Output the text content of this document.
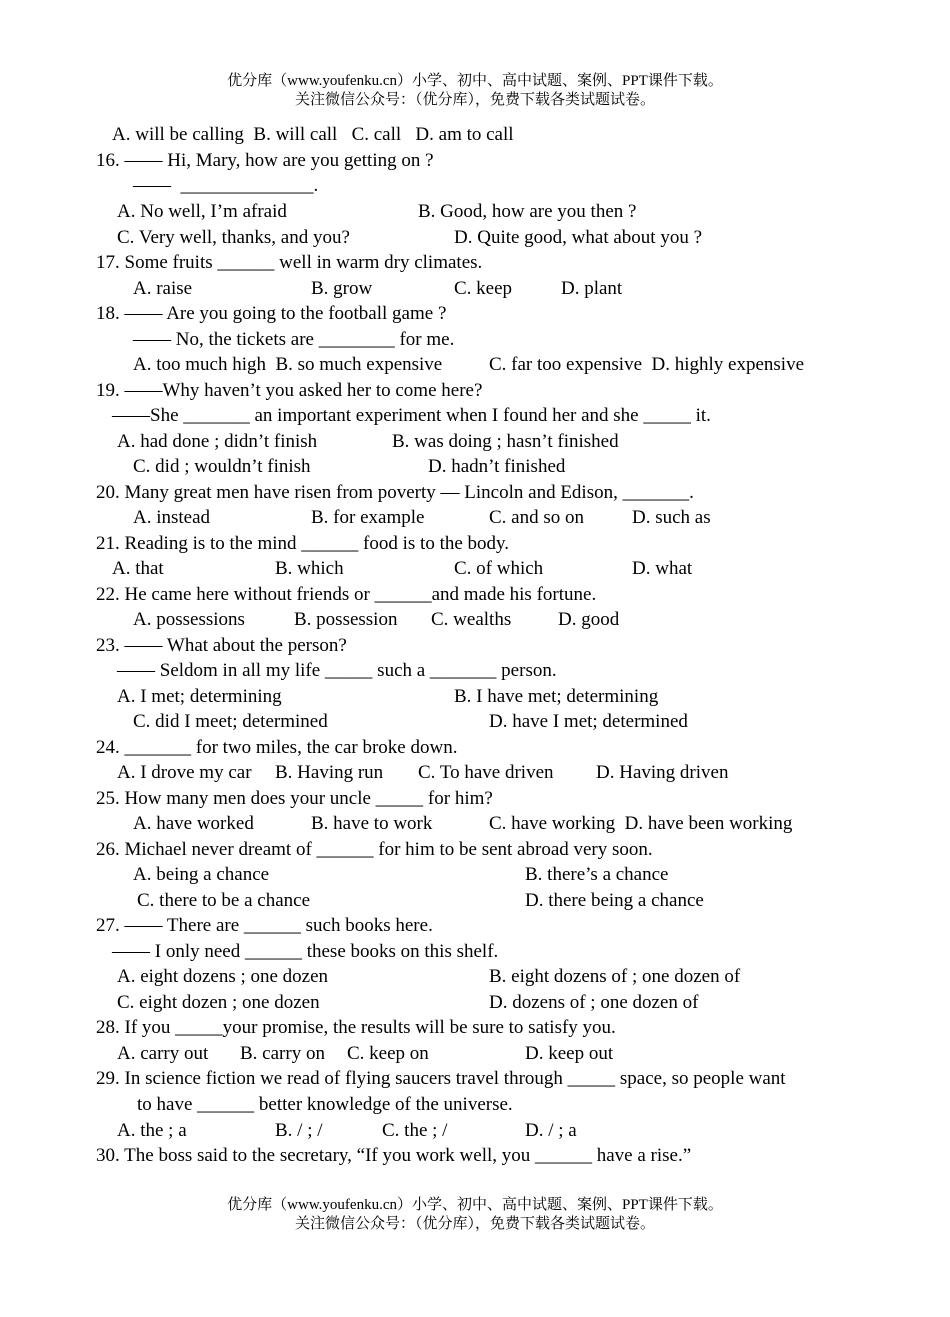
优分库（www.youfenku.cn）小学、初中、高中试题、案例、PPT课件下载。
关注微信公众号：（优分库），免费下载各类试题试卷。
A. will be calling  B. will call   C. call   D. am to call
16. —— Hi, Mary, how are you getting on ?
——  ______________.
A. No well, I’m afraid	B. Good, how are you then ?
C. Very well, thanks, and you?	D. Quite good, what about you ?
17. Some fruits ______ well in warm dry climates.
A. raise	B. grow	C. keep	D. plant
18. —— Are you going to the football game ?
—— No, the tickets are ________ for me.
A. too much high  B. so much expensive C. far too expensive  D. highly expensive
19. ——Why haven’t you asked her to come here?
——She _______ an important experiment when I found her and she _____ it.
A. had done ; didn’t finish	B. was doing ; hasn’t finished
C. did ; wouldn’t finish	D. hadn’t finished
20. Many great men have risen from poverty — Lincoln and Edison, _______.
A. instead	B. for example	C. and so on	D. such as
21. Reading is to the mind ______ food is to the body.
A. that	B. which	C. of which	D. what
22. He came here without friends or ______and made his fortune.
A. possessions	B. possession C. wealths D. good
23. —— What about the person?
—— Seldom in all my life _____ such a _______ person.
A. I met; determining	B. I have met; determining
C. did I meet; determined	D. have I met; determined
24. _______ for two miles, the car broke down.
A. I drove my car B. Having run C. To have driven D. Having driven
25. How many men does your uncle _____ for him?
A. have worked	B. have to work	C. have working  D. have been working
26. Michael never dreamt of ______ for him to be sent abroad very soon.
A. being a chance	B. there’s a chance
C. there to be a chance	D. there being a chance
27. —— There are ______ such books here.
—— I only need ______ these books on this shelf.
A. eight dozens ; one dozen	B. eight dozens of ; one dozen of
C. eight dozen ; one dozen	D. dozens of ; one dozen of
28. If you _____your promise, the results will be sure to satisfy you.
A. carry out B. carry on C. keep on	D. keep out
29. In science fiction we read of flying saucers travel through _____ space, so people want
to have ______ better knowledge of the universe.
A. the ; a	B. / ; /	C. the ; /	D. / ; a
30. The boss said to the secretary, “If you work well, you ______ have a rise.”
优分库（www.youfenku.cn）小学、初中、高中试题、案例、PPT课件下载。
关注微信公众号：（优分库），免费下载各类试题试卷。
